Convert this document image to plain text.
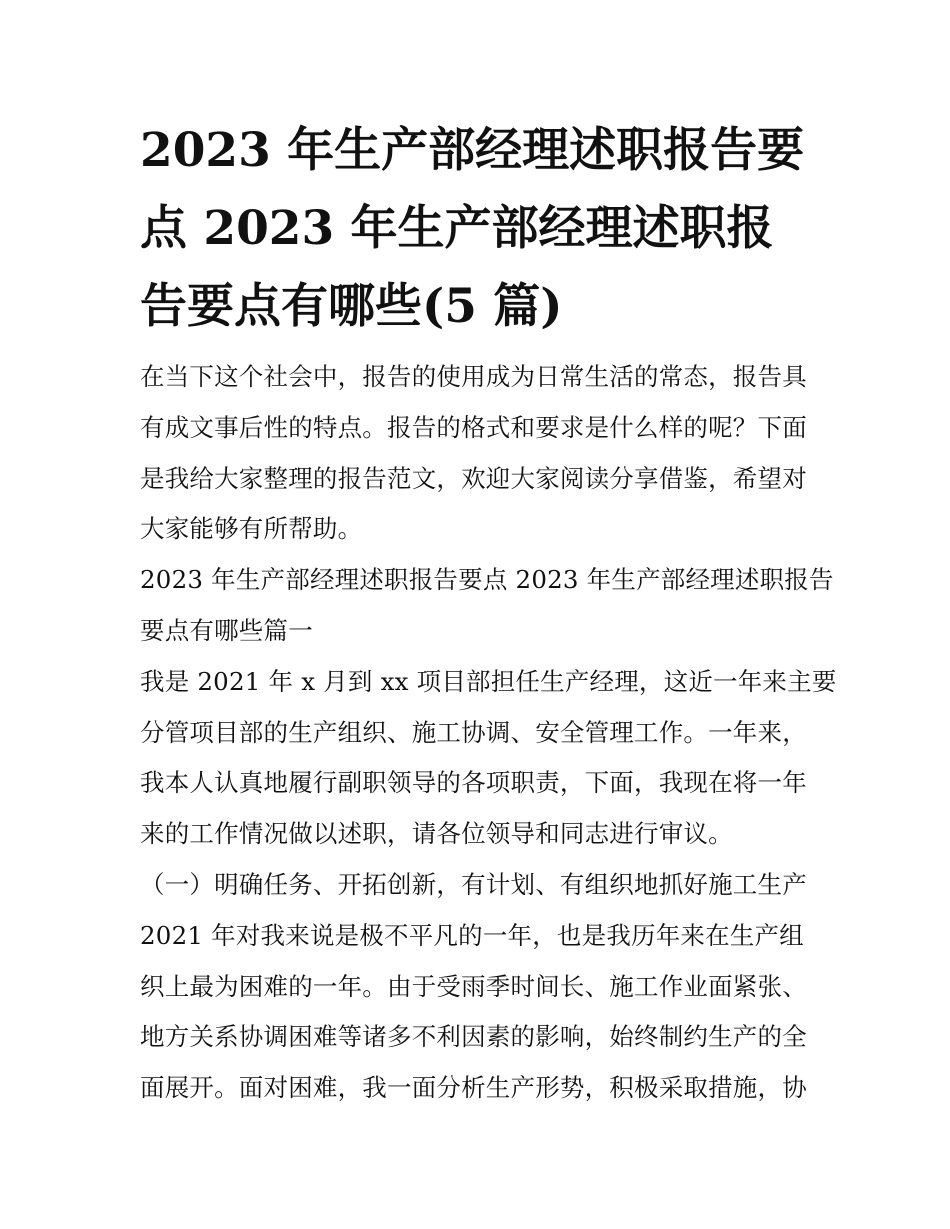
2023 年生产部经理述职报告要
点 2023 年生产部经理述职报
告要点有哪些(5 篇)
在当下这个社会中，报告的使用成为日常生活的常态，报告具
有成文事后性的特点。报告的格式和要求是什么样的呢？下面
是我给大家整理的报告范文，欢迎大家阅读分享借鉴，希望对
大家能够有所帮助。
2023 年生产部经理述职报告要点 2023 年生产部经理述职报告
要点有哪些篇一
我是 2021 年 x 月到 xx 项目部担任生产经理，这近一年来主要
分管项目部的生产组织、施工协调、安全管理工作。一年来，
我本人认真地履行副职领导的各项职责，下面，我现在将一年
来的工作情况做以述职，请各位领导和同志进行审议。
（一）明确任务、开拓创新，有计划、有组织地抓好施工生产
2021 年对我来说是极不平凡的一年，也是我历年来在生产组
织上最为困难的一年。由于受雨季时间长、施工作业面紧张、
地方关系协调困难等诸多不利因素的影响，始终制约生产的全
面展开。面对困难，我一面分析生产形势，积极采取措施，协
